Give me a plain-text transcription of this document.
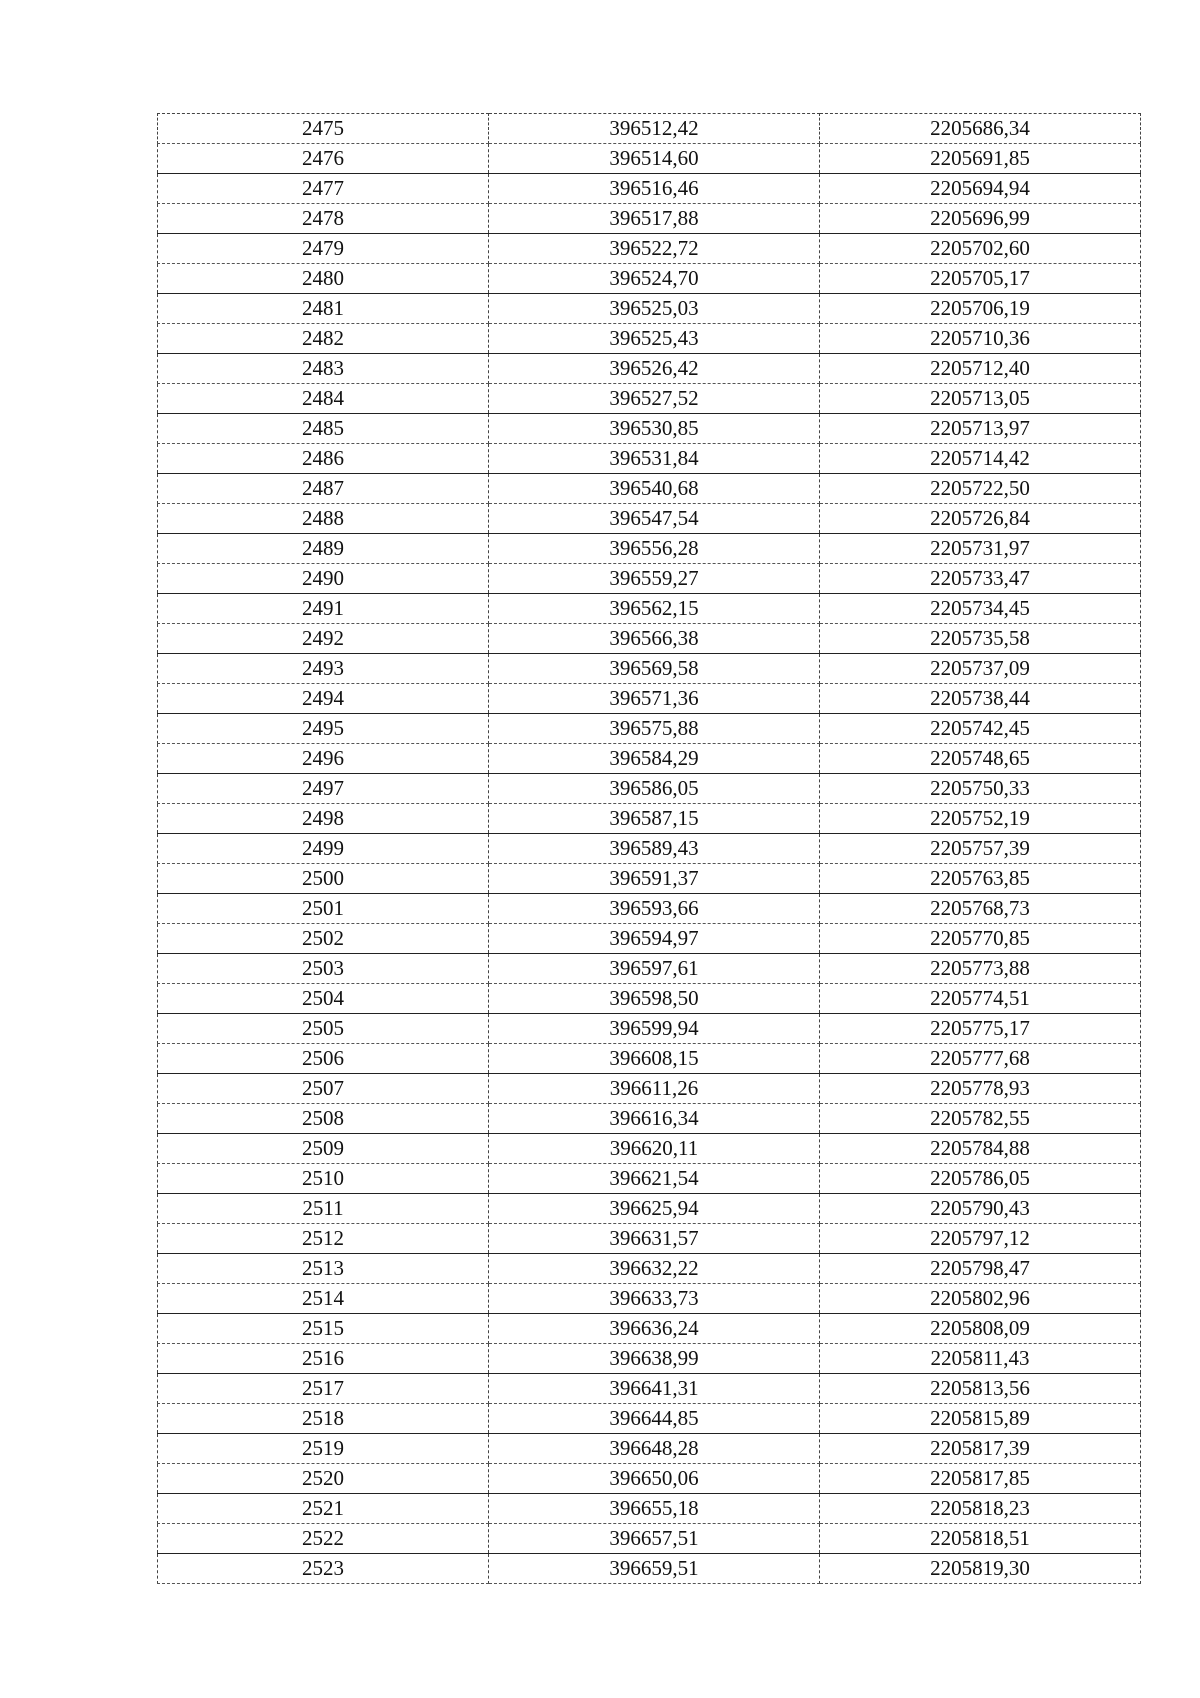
2475	396512,42	2205686,34
2476	396514,60	2205691,85
2477	396516,46	2205694,94
2478	396517,88	2205696,99
2479	396522,72	2205702,60
2480	396524,70	2205705,17
2481	396525,03	2205706,19
2482	396525,43	2205710,36
2483	396526,42	2205712,40
2484	396527,52	2205713,05
2485	396530,85	2205713,97
2486	396531,84	2205714,42
2487	396540,68	2205722,50
2488	396547,54	2205726,84
2489	396556,28	2205731,97
2490	396559,27	2205733,47
2491	396562,15	2205734,45
2492	396566,38	2205735,58
2493	396569,58	2205737,09
2494	396571,36	2205738,44
2495	396575,88	2205742,45
2496	396584,29	2205748,65
2497	396586,05	2205750,33
2498	396587,15	2205752,19
2499	396589,43	2205757,39
2500	396591,37	2205763,85
2501	396593,66	2205768,73
2502	396594,97	2205770,85
2503	396597,61	2205773,88
2504	396598,50	2205774,51
2505	396599,94	2205775,17
2506	396608,15	2205777,68
2507	396611,26	2205778,93
2508	396616,34	2205782,55
2509	396620,11	2205784,88
2510	396621,54	2205786,05
2511	396625,94	2205790,43
2512	396631,57	2205797,12
2513	396632,22	2205798,47
2514	396633,73	2205802,96
2515	396636,24	2205808,09
2516	396638,99	2205811,43
2517	396641,31	2205813,56
2518	396644,85	2205815,89
2519	396648,28	2205817,39
2520	396650,06	2205817,85
2521	396655,18	2205818,23
2522	396657,51	2205818,51
2523	396659,51	2205819,30
